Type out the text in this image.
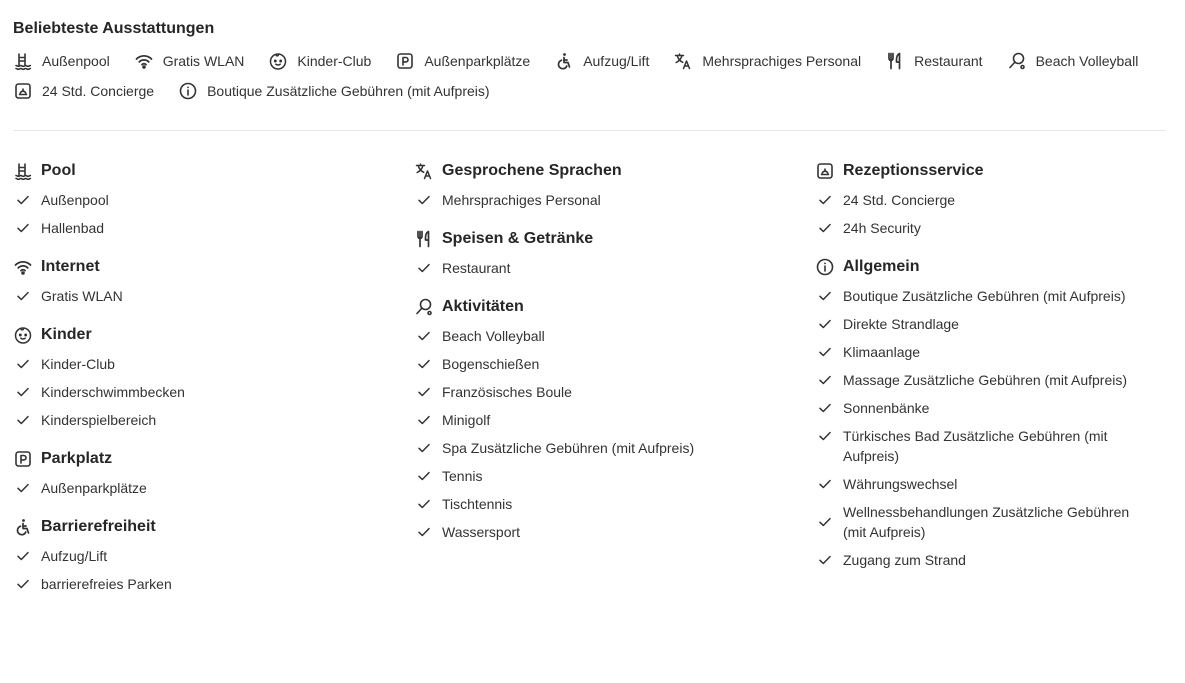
Beliebteste Ausstattungen
Außenpool	Gratis WLAN	Kinder-Club	Außenparkplätze	Aufzug/Lift	Mehrsprachiges Personal	Restaurant	Beach Volleyball
24 Std. Concierge	Boutique Zusätzliche Gebühren (mit Aufpreis)
Pool
Außenpool
Hallenbad
Internet
Gratis WLAN
Kinder
Kinder-Club
Kinderschwimmbecken
Kinderspielbereich
Parkplatz
Außenparkplätze
Barrierefreiheit
Aufzug/Lift
barrierefreies Parken
Gesprochene Sprachen
Mehrsprachiges Personal
Speisen & Getränke
Restaurant
Aktivitäten
Beach Volleyball
Bogenschießen
Französisches Boule
Minigolf
Spa Zusätzliche Gebühren (mit Aufpreis)
Tennis
Tischtennis
Wassersport
Rezeptionsservice
24 Std. Concierge
24h Security
Allgemein
Boutique Zusätzliche Gebühren (mit Aufpreis)
Direkte Strandlage
Klimaanlage
Massage Zusätzliche Gebühren (mit Aufpreis)
Sonnenbänke
Türkisches Bad Zusätzliche Gebühren (mit Aufpreis)
Währungswechsel
Wellnessbehandlungen Zusätzliche Gebühren (mit Aufpreis)
Zugang zum Strand
